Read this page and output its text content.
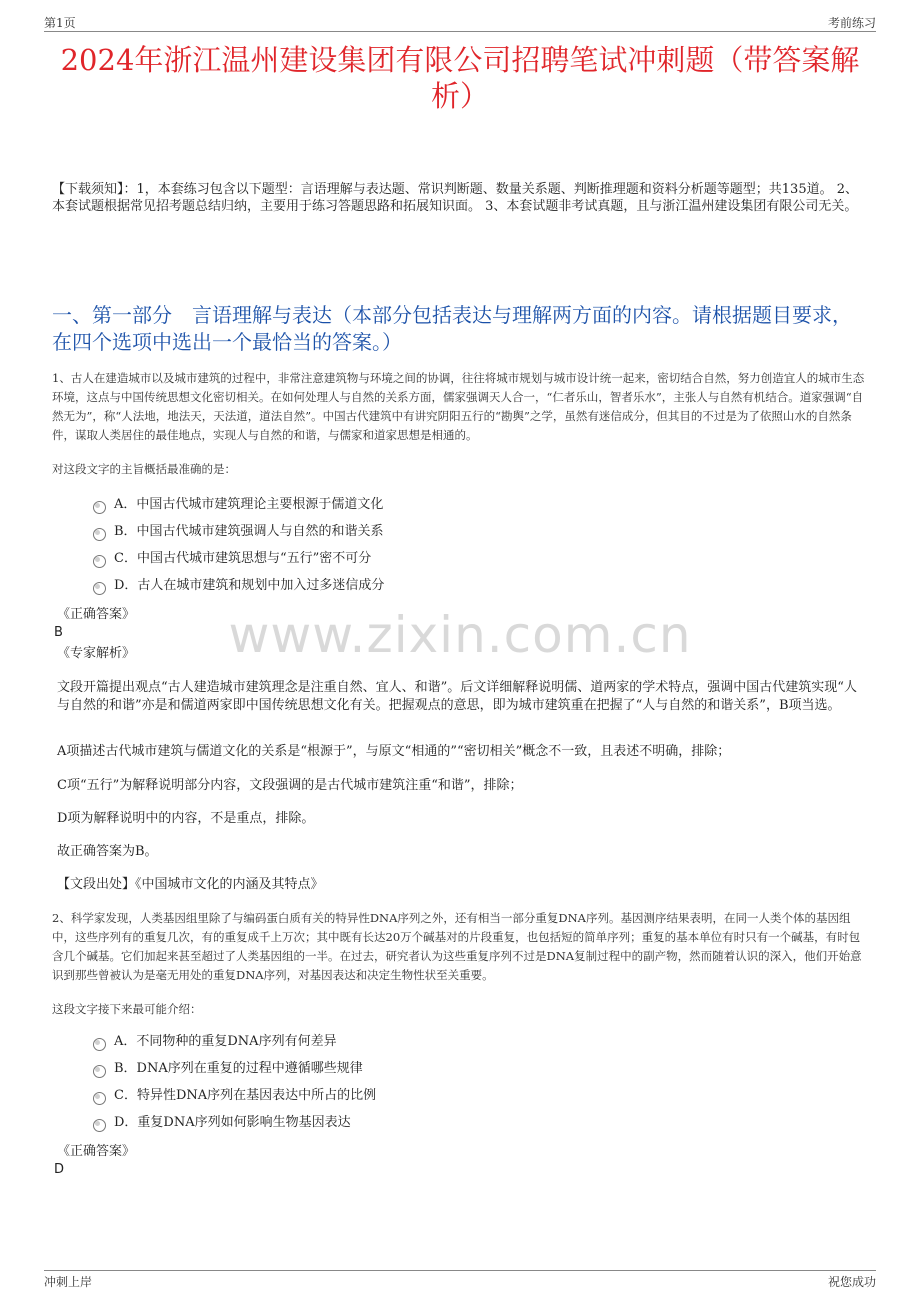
第1页	考前练习
2024年浙江温州建设集团有限公司招聘笔试冲刺题（带答案解析）
【下载须知】：1，本套练习包含以下题型：言语理解与表达题、常识判断题、数量关系题、判断推理题和资料分析题等题型；共135道。 2、本套试题根据常见招考题总结归纳，主要用于练习答题思路和拓展知识面。 3、本套试题非考试真题，且与浙江温州建设集团有限公司无关。
一、第一部分　言语理解与表达（本部分包括表达与理解两方面的内容。请根据题目要求，在四个选项中选出一个最恰当的答案。）
1、古人在建造城市以及城市建筑的过程中，非常注意建筑物与环境之间的协调，往往将城市规划与城市设计统一起来，密切结合自然，努力创造宜人的城市生态环境，这点与中国传统思想文化密切相关。在如何处理人与自然的关系方面，儒家强调天人合一，“仁者乐山，智者乐水”，主张人与自然有机结合。道家强调“自然无为”，称“人法地，地法天，天法道，道法自然”。中国古代建筑中有讲究阴阳五行的“勘舆”之学，虽然有迷信成分，但其目的不过是为了依照山水的自然条件，谋取人类居住的最佳地点，实现人与自然的和谐，与儒家和道家思想是相通的。
对这段文字的主旨概括最准确的是：
A．中国古代城市建筑理论主要根源于儒道文化
B．中国古代城市建筑强调人与自然的和谐关系
C．中国古代城市建筑思想与“五行”密不可分
D．古人在城市建筑和规划中加入过多迷信成分
《正确答案》
B
《专家解析》
文段开篇提出观点“古人建造城市建筑理念是注重自然、宜人、和谐”。后文详细解释说明儒、道两家的学术特点，强调中国古代建筑实现“人与自然的和谐”亦是和儒道两家即中国传统思想文化有关。把握观点的意思，即为城市建筑重在把握了“人与自然的和谐关系”，B项当选。
A项描述古代城市建筑与儒道文化的关系是“根源于”，与原文“相通的”“密切相关”概念不一致，且表述不明确，排除；
C项“五行”为解释说明部分内容，文段强调的是古代城市建筑注重“和谐”，排除；
D项为解释说明中的内容，不是重点，排除。
故正确答案为B。
【文段出处】《中国城市文化的内涵及其特点》
2、科学家发现，人类基因组里除了与编码蛋白质有关的特异性DNA序列之外，还有相当一部分重复DNA序列。基因测序结果表明，在同一人类个体的基因组中，这些序列有的重复几次，有的重复成千上万次；其中既有长达20万个碱基对的片段重复，也包括短的简单序列；重复的基本单位有时只有一个碱基，有时包含几个碱基。它们加起来甚至超过了人类基因组的一半。在过去，研究者认为这些重复序列不过是DNA复制过程中的副产物，然而随着认识的深入，他们开始意识到那些曾被认为是毫无用处的重复DNA序列，对基因表达和决定生物性状至关重要。
这段文字接下来最可能介绍：
A．不同物种的重复DNA序列有何差异
B．DNA序列在重复的过程中遵循哪些规律
C．特异性DNA序列在基因表达中所占的比例
D．重复DNA序列如何影响生物基因表达
《正确答案》
D
www.zixin.com.cn
冲刺上岸	祝您成功
